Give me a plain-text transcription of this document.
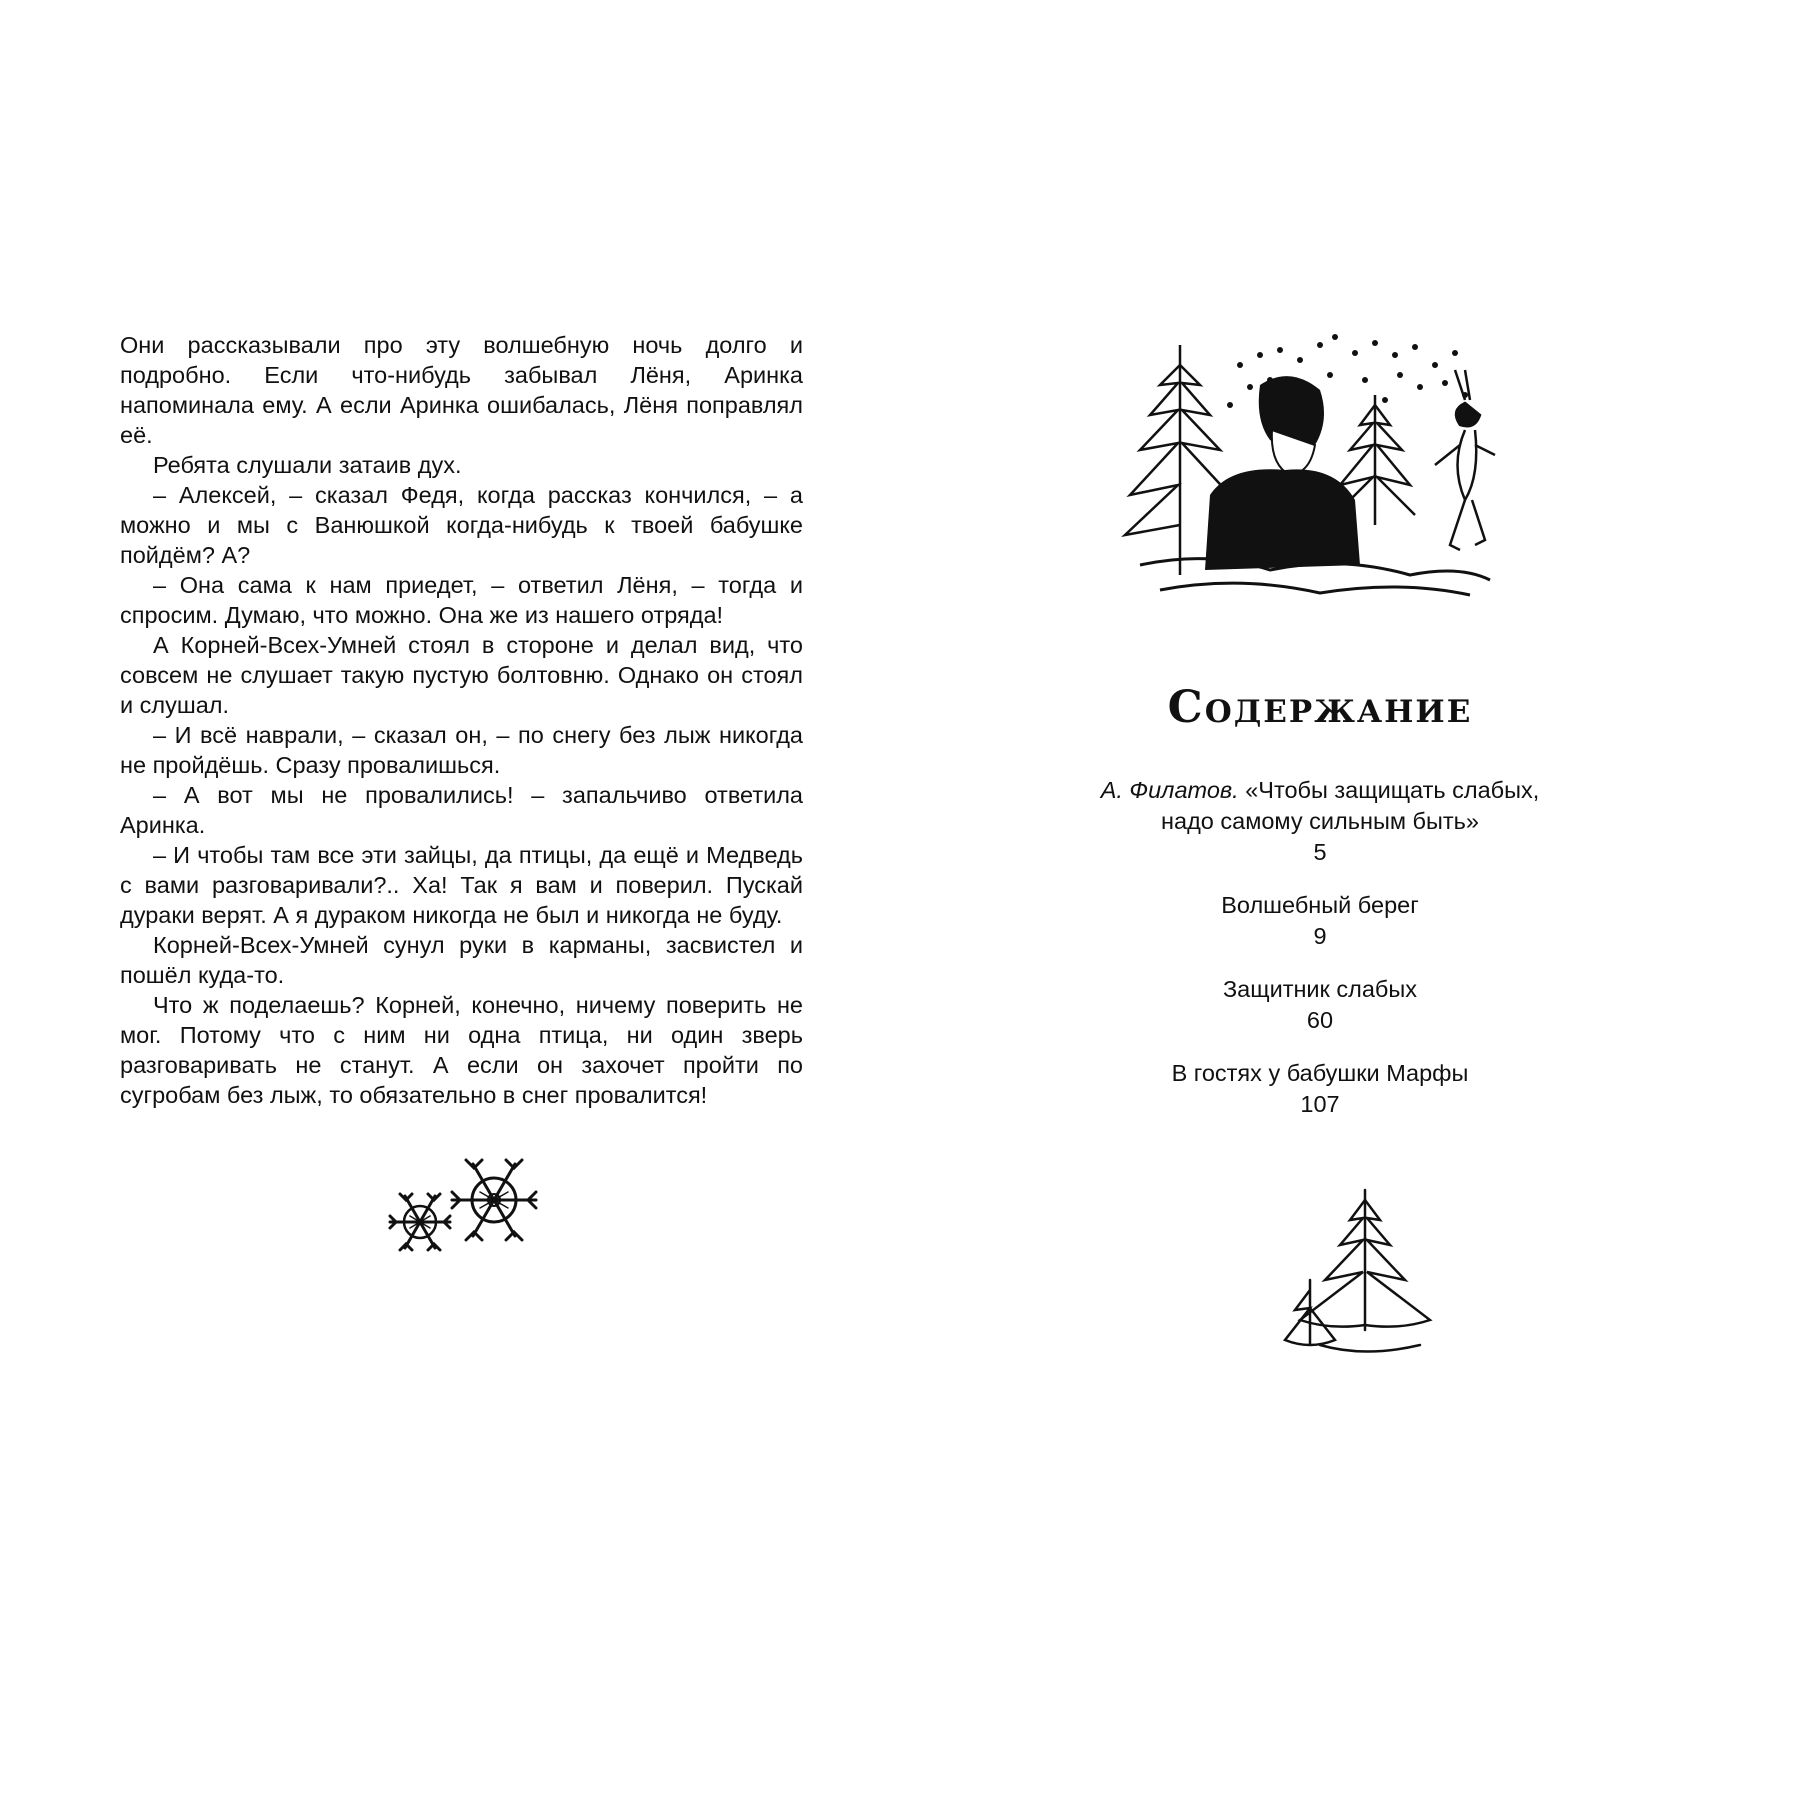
Они рассказывали про эту волшебную ночь долго и подробно. Если что-нибудь забывал Лёня, Аринка напоминала ему. А если Аринка ошибалась, Лёня поправлял её.

Ребята слушали затаив дух.

– Алексей, – сказал Федя, когда рассказ кончился, – а можно и мы с Ванюшкой когда-нибудь к твоей бабушке пойдём? А?

– Она сама к нам приедет, – ответил Лёня, – тогда и спросим. Думаю, что можно. Она же из нашего отряда!

А Корней-Всех-Умней стоял в стороне и делал вид, что совсем не слушает такую пустую болтовню. Однако он стоял и слушал.

– И всё наврали, – сказал он, – по снегу без лыж никогда не пройдёшь. Сразу провалишься.

– А вот мы не провалились! – запальчиво ответила Аринка.

– И чтобы там все эти зайцы, да птицы, да ещё и Медведь с вами разговаривали?.. Ха! Так я вам и поверил. Пускай дураки верят. А я дураком никогда не был и никогда не буду.

Корней-Всех-Умней сунул руки в карманы, засвистел и пошёл куда-то.

Что ж поделаешь? Корней, конечно, ничему поверить не мог. Потому что с ним ни одна птица, ни один зверь разговаривать не станут. А если он захочет пройти по сугробам без лыж, то обязательно в снег провалится!

Содержание
А. Филатов. «Чтобы защищать слабых, надо самому сильным быть»
5
Волшебный берег
9
Защитник слабых
60
В гостях у бабушки Марфы
107
